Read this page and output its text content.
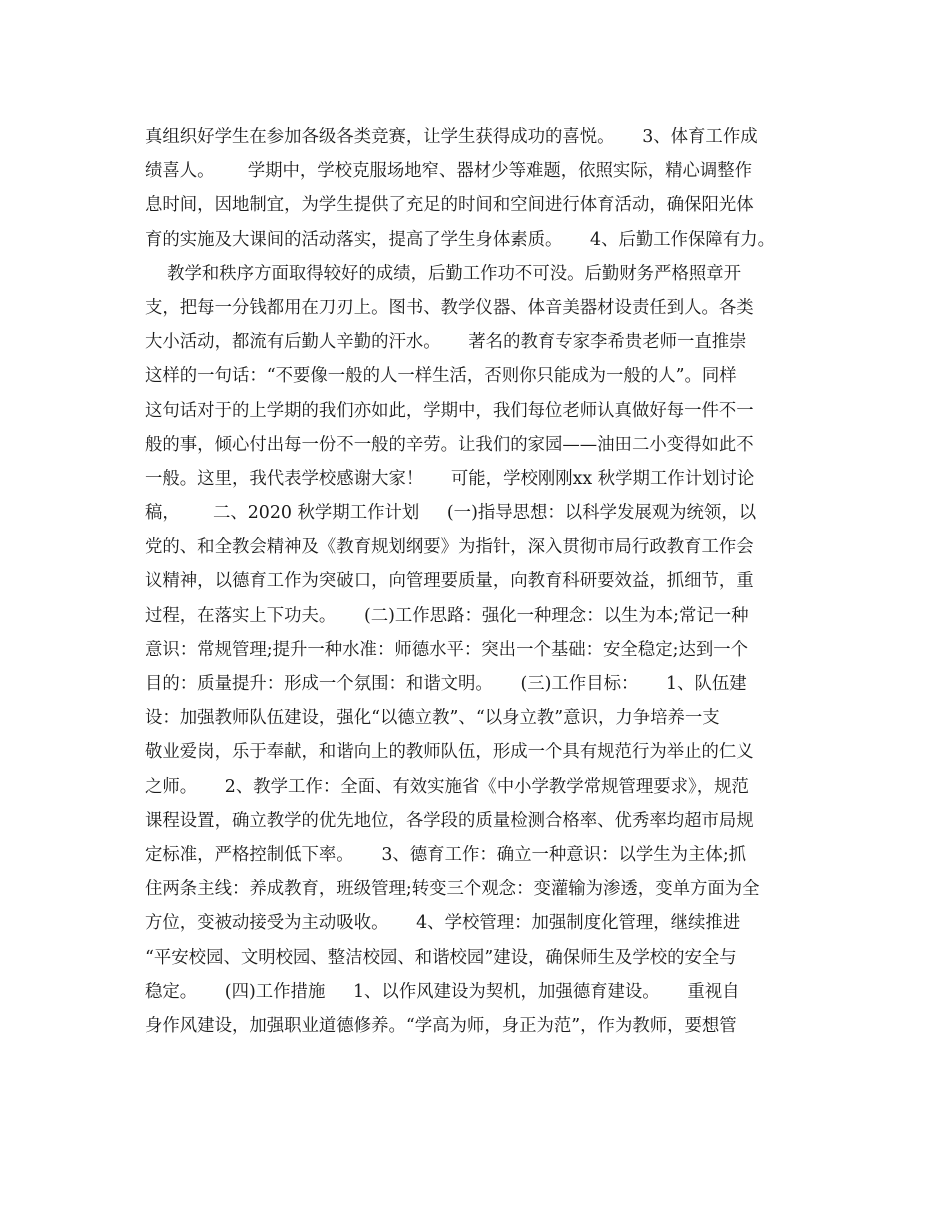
真组织好学生在参加各级各类竞赛，让学生获得成功的喜悦。     3、体育工作成
绩喜人。      学期中，学校克服场地窄、器材少等难题，依照实际，精心调整作
息时间，因地制宜，为学生提供了充足的时间和空间进行体育活动，确保阳光体
育的实施及大课间的活动落实，提高了学生身体素质。     4、后勤工作保障有力。
教学和秩序方面取得较好的成绩，后勤工作功不可没。后勤财务严格照章开
支，把每一分钱都用在刀刃上。图书、教学仪器、体音美器材设责任到人。各类
大小活动，都流有后勤人辛勤的汗水。     著名的教育专家李希贵老师一直推崇
这样的一句话：“不要像一般的人一样生活，否则你只能成为一般的人”。同样
这句话对于的上学期的我们亦如此，学期中，我们每位老师认真做好每一件不一
般的事，倾心付出每一份不一般的辛劳。让我们的家园——油田二小变得如此不
一般。这里，我代表学校感谢大家！     可能，学校刚刚xx 秋学期工作计划讨论
稿，      二、2020 秋学期工作计划     (一)指导思想：以科学发展观为统领，以
党的、和全教会精神及《教育规划纲要》为指针，深入贯彻市局行政教育工作会
议精神，以德育工作为突破口，向管理要质量，向教育科研要效益，抓细节，重
过程，在落实上下功夫。     (二)工作思路：强化一种理念：以生为本;常记一种
意识：常规管理;提升一种水准：师德水平：突出一个基础：安全稳定;达到一个
目的：质量提升：形成一个氛围：和谐文明。     (三)工作目标：     1、队伍建
设：加强教师队伍建设，强化“以德立教”、“以身立教”意识，力争培养一支
敬业爱岗，乐于奉献，和谐向上的教师队伍，形成一个具有规范行为举止的仁义
之师。     2、教学工作：全面、有效实施省《中小学教学常规管理要求》，规范
课程设置，确立教学的优先地位，各学段的质量检测合格率、优秀率均超市局规
定标准，严格控制低下率。     3、德育工作：确立一种意识：以学生为主体;抓
住两条主线：养成教育，班级管理;转变三个观念：变灌输为渗透，变单方面为全
方位，变被动接受为主动吸收。     4、学校管理：加强制度化管理，继续推进
“平安校园、文明校园、整洁校园、和谐校园”建设，确保师生及学校的安全与
稳定。     (四)工作措施     1、以作风建设为契机，加强德育建设。     重视自
身作风建设，加强职业道德修养。“学高为师，身正为范”，作为教师，要想管
